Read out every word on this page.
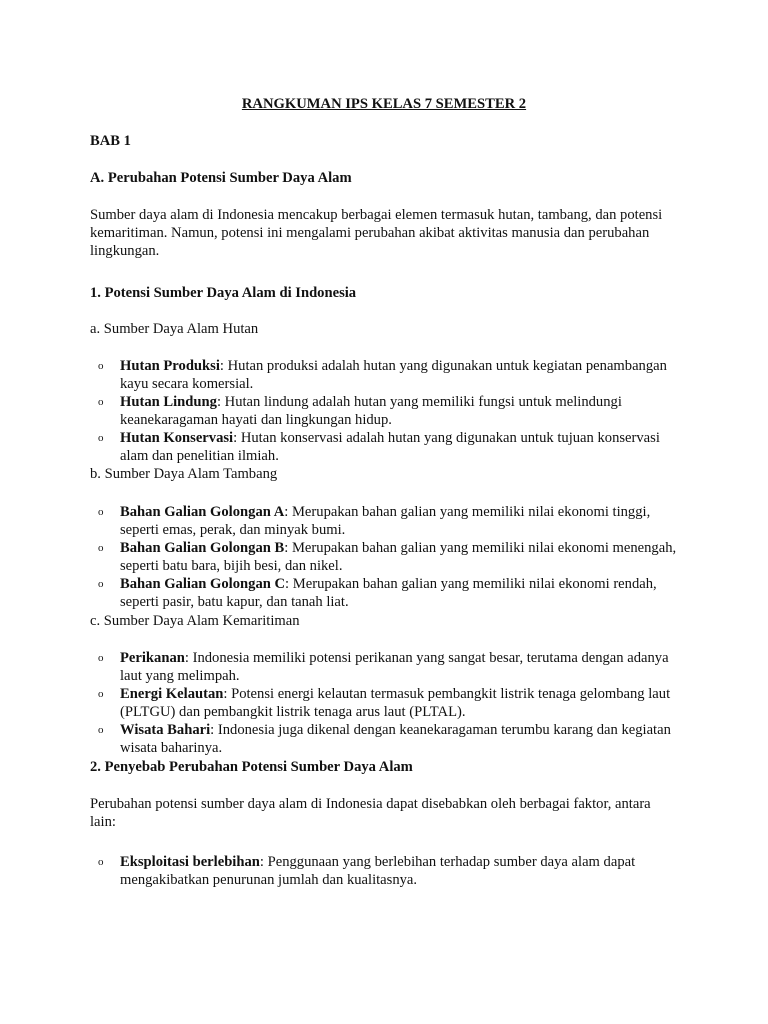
RANGKUMAN IPS KELAS 7 SEMESTER 2

BAB 1

A. Perubahan Potensi Sumber Daya Alam

Sumber daya alam di Indonesia mencakup berbagai elemen termasuk hutan, tambang, dan potensi kemaritiman. Namun, potensi ini mengalami perubahan akibat aktivitas manusia dan perubahan lingkungan.

1. Potensi Sumber Daya Alam di Indonesia

a. Sumber Daya Alam Hutan

o Hutan Produksi: Hutan produksi adalah hutan yang digunakan untuk kegiatan penambangan kayu secara komersial.
o Hutan Lindung: Hutan lindung adalah hutan yang memiliki fungsi untuk melindungi keanekaragaman hayati dan lingkungan hidup.
o Hutan Konservasi: Hutan konservasi adalah hutan yang digunakan untuk tujuan konservasi alam dan penelitian ilmiah.

b. Sumber Daya Alam Tambang

o Bahan Galian Golongan A: Merupakan bahan galian yang memiliki nilai ekonomi tinggi, seperti emas, perak, dan minyak bumi.
o Bahan Galian Golongan B: Merupakan bahan galian yang memiliki nilai ekonomi menengah, seperti batu bara, bijih besi, dan nikel.
o Bahan Galian Golongan C: Merupakan bahan galian yang memiliki nilai ekonomi rendah, seperti pasir, batu kapur, dan tanah liat.

c. Sumber Daya Alam Kemaritiman

o Perikanan: Indonesia memiliki potensi perikanan yang sangat besar, terutama dengan adanya laut yang melimpah.
o Energi Kelautan: Potensi energi kelautan termasuk pembangkit listrik tenaga gelombang laut (PLTGU) dan pembangkit listrik tenaga arus laut (PLTAL).
o Wisata Bahari: Indonesia juga dikenal dengan keanekaragaman terumbu karang dan kegiatan wisata baharinya.

2. Penyebab Perubahan Potensi Sumber Daya Alam

Perubahan potensi sumber daya alam di Indonesia dapat disebabkan oleh berbagai faktor, antara lain:

o Eksploitasi berlebihan: Penggunaan yang berlebihan terhadap sumber daya alam dapat mengakibatkan penurunan jumlah dan kualitasnya.
